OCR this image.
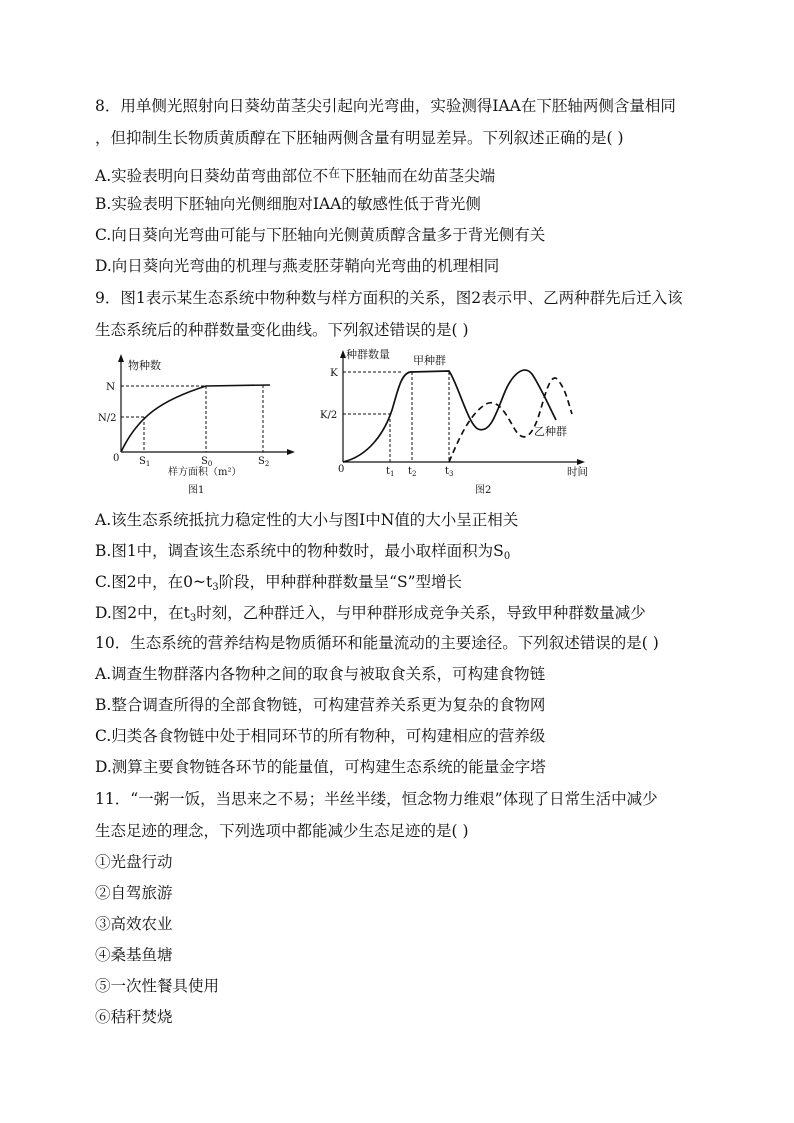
8．用单侧光照射向日葵幼苗茎尖引起向光弯曲，实验测得IAA在下胚轴两侧含量相同
，但抑制生长物质黄质醇在下胚轴两侧含量有明显差异。下列叙述正确的是( )
A.实验表明向日葵幼苗弯曲部位不$^在$下胚轴而在幼苗茎尖端
B.实验表明下胚轴向光侧细胞对IAA的敏感性低于背光侧
C.向日葵向光弯曲可能与下胚轴向光侧黄质醇含量多于背光侧有关
D.向日葵向光弯曲的机理与燕麦胚芽鞘向光弯曲的机理相同
9．图1表示某生态系统中物种数与样方面积的关系，图2表示甲、乙两种群先后迁入该
生态系统后的种群数量变化曲线。下列叙述错误的是( )
物种数
N
N/2
0 $S_1$	$S_0$	$S_2$
样方面积（m²）
图1
种群数量 甲种群
乙种群
K
K/2
0	$t_1$ $t_2$	$t_3$	时间
图2
A.该生态系统抵抗力稳定性的大小与图Ⅰ中N值的大小呈正相关
B.图1中，调查该生态系统中的物种数时，最小取样面积为$S_0$
C.图2中，在$0\sim t_3$阶段，甲种群种群数量呈“S”型增长
D.图2中，在$t_3$时刻，乙种群迁入，与甲种群形成竞争关系，导致甲种群数量减少
10．生态系统的营养结构是物质循环和能量流动的主要途径。下列叙述错误的是( )
A.调查生物群落内各物种之间的取食与被取食关系，可构建食物链
B.整合调查所得的全部食物链，可构建营养关系更为复杂的食物网
C.归类各食物链中处于相同环节的所有物种，可构建相应的营养级
D.测算主要食物链各环节的能量值，可构建生态系统的能量金字塔
11．“一粥一饭，当思来之不易；半丝半缕，恒念物力维艰”体现了日常生活中减少
生态足迹的理念，下列选项中都能减少生态足迹的是( )
①光盘行动
②自驾旅游
③高效农业
④桑基鱼塘
⑤一次性餐具使用
⑥秸秆焚烧
